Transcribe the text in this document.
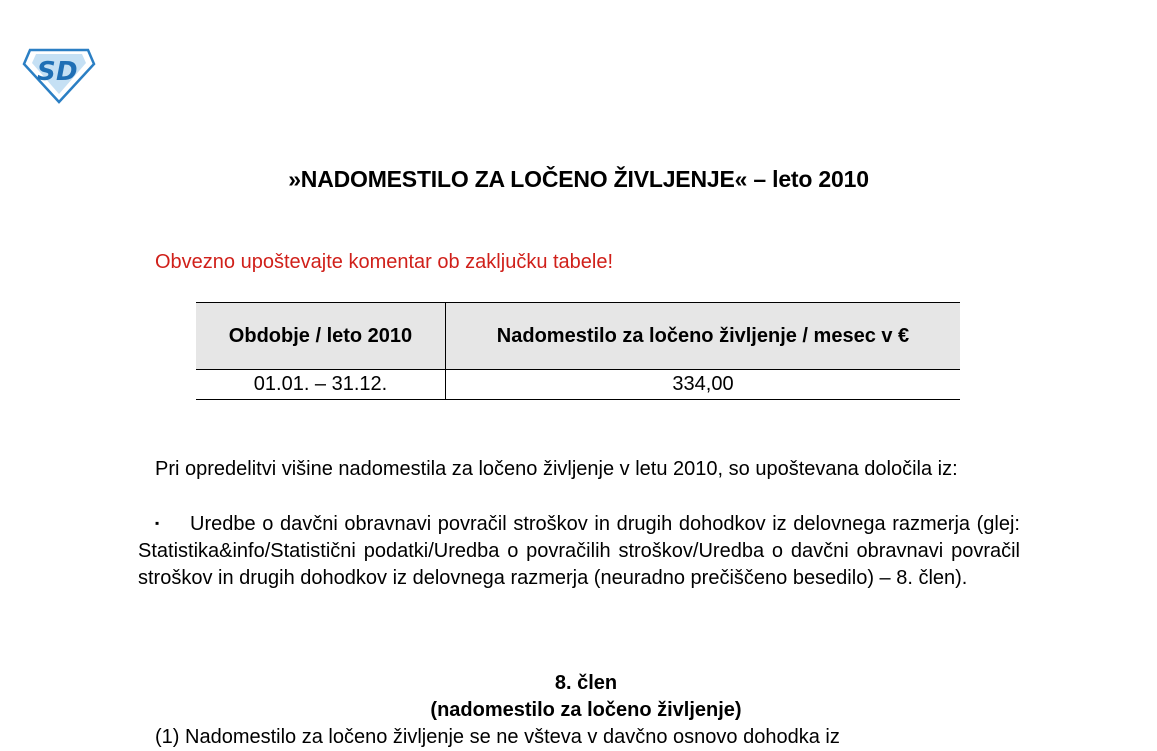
S D
»NADOMESTILO ZA LOČENO ŽIVLJENJE« – leto 2010
Obvezno upoštevajte komentar ob zaključku tabele!
Obdobje / leto 2010	Nadomestilo za ločeno življenje / mesec v €
01.01. – 31.12.	334,00
Pri opredelitvi višine nadomestila za ločeno življenje v letu 2010, so upoštevana določila iz:
▪ Uredbe o davčni obravnavi povračil stroškov in drugih dohodkov iz delovnega razmerja (glej: Statistika&info/Statistični podatki/Uredba o povračilih stroškov/Uredba o davčni obravnavi povračil stroškov in drugih dohodkov iz delovnega razmerja (neuradno prečiščeno besedilo) – 8. člen).
8. člen
(nadomestilo za ločeno življenje)
(1) Nadomestilo za ločeno življenje se ne všteva v davčno osnovo dohodka iz
